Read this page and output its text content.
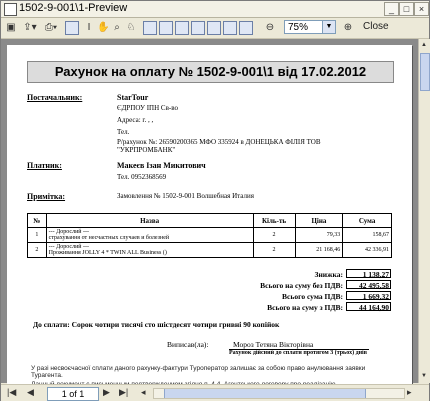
1502-9-001\1-Preview	_	□	×
▣ ⇪▾ ⎙▾	I ✋ ⌕ ♘	⊖	75%	▼ ⊕ Close
Рахунок на оплату № 1502-9-001\1 від 17.02.2012
Постачальник:	StarTour
ЄДРПОУ ІПН Св-во
Адреса: г. , ,
Тел.
Р/рахунок №: 26590200365 МФО 335924 в ДОНЕЦЬКА ФІЛІЯ ТОВ
"УКРПРОМБАНК"
Платник:	Макеєв Ізан Микитович
Тел. 0952368569
Примітка:	Замовлення № 1502-9-001 Волшебная Италия
№	Назва	Кіль-ть	Ціна	Сума
1	--- Дорослий ---
страхування от несчастных случаев и болезней	2	79,33	158,67
2	--- Дорослий ---
Проживання JOLLY 4 * TWIN ALL Business ()	2	21 168,46	42 336,91
Знижка:	1 138,27
Всього на суму без ПДВ:	42 495,58
Всього сума ПДВ:	1 669,32
Всього на суму з ПДВ:	44 164,90
До сплати: Сорок чотири тисячі сто шістдесят чотири гривні 90 копійок
Виписав(ла):	Мороз Тетяна Вікторівна
Рахунок дійсний до сплати протягом 3 (трьох) днів
У разі несвоєчасної сплати даного рахунку-фактури Туроператор залишає за собою право анулювання заявки Турагента.
▲
▼
|◀ ◀	1 of 1	▶ ▶| ◂	▸
